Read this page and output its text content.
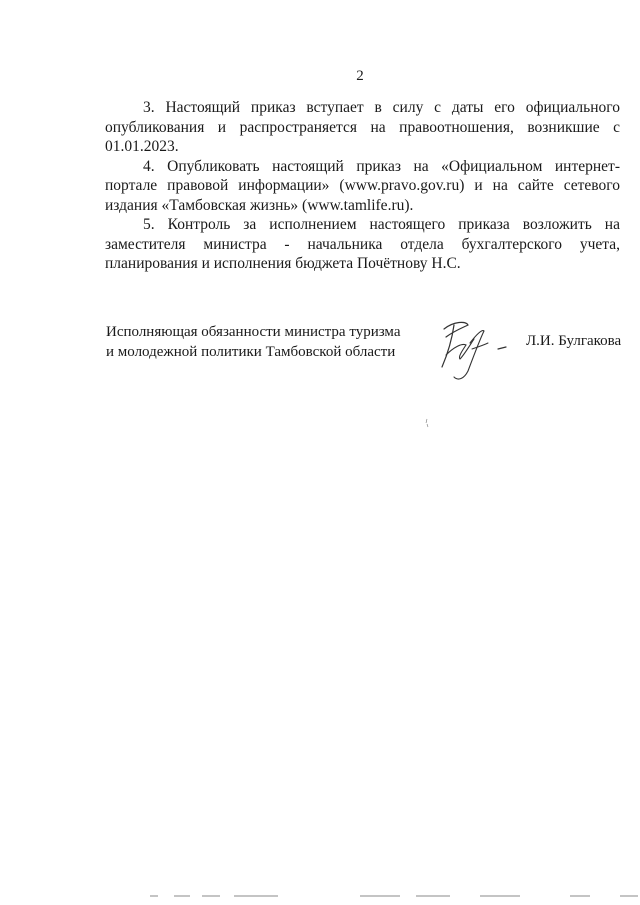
2

3. Настоящий приказ вступает в силу с даты его официального опубликования и распространяется на правоотношения, возникшие с 01.01.2023.

4. Опубликовать настоящий приказ на «Официальном интернет-портале правовой информации» (www.pravo.gov.ru) и на сайте сетевого издания «Тамбовская жизнь» (www.tamlife.ru).

5. Контроль за исполнением настоящего приказа возложить на заместителя министра - начальника отдела бухгалтерского учета, планирования и исполнения бюджета Почётнову Н.С.

Исполняющая обязанности министра туризма
и молодежной политики Тамбовской области
Л.И. Булгакова
